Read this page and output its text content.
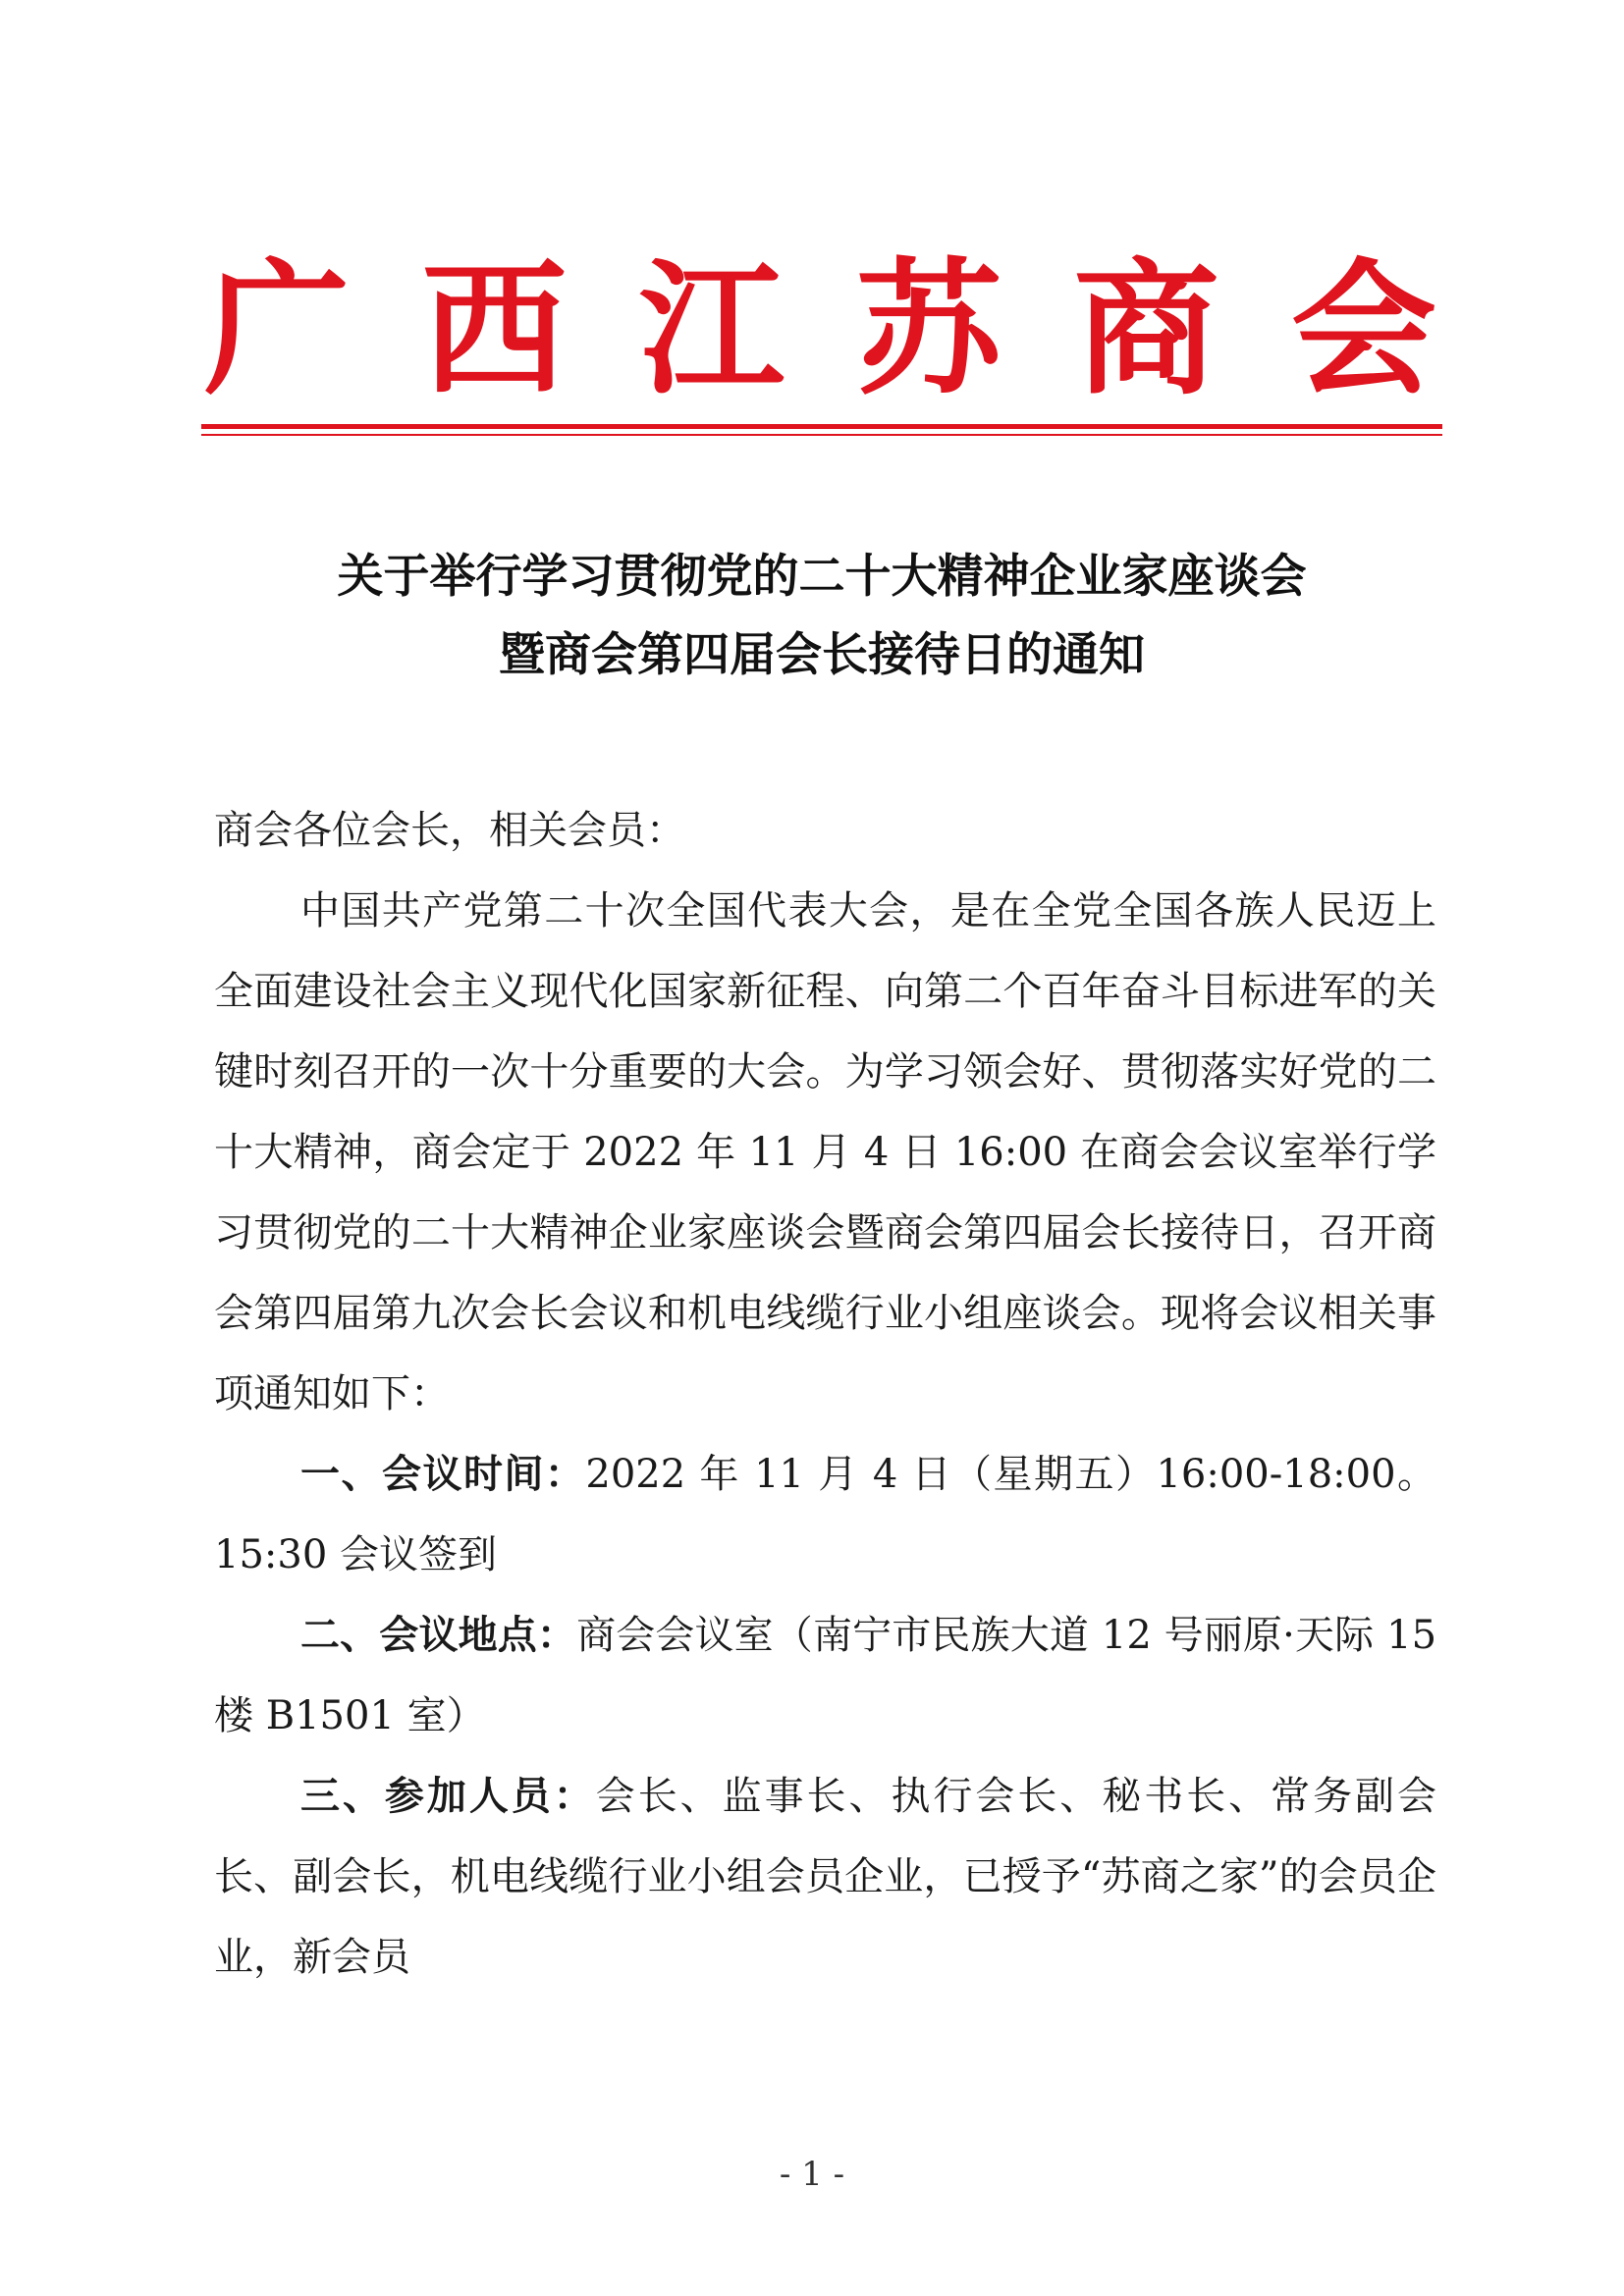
广 西 江 苏 商 会
关于举行学习贯彻党的二十大精神企业家座谈会
暨商会第四届会长接待日的通知

商会各位会长，相关会员：

中国共产党第二十次全国代表大会，是在全党全国各族人民迈上全面建设社会主义现代化国家新征程、向第二个百年奋斗目标进军的关键时刻召开的一次十分重要的大会。为学习领会好、贯彻落实好党的二十大精神，商会定于 2022 年 11 月 4 日 16:00 在商会会议室举行学习贯彻党的二十大精神企业家座谈会暨商会第四届会长接待日，召开商会第四届第九次会长会议和机电线缆行业小组座谈会。现将会议相关事项通知如下：

一、会议时间：2022 年 11 月 4 日（星期五）16:00-18:00。15:30 会议签到

二、会议地点：商会会议室（南宁市民族大道 12 号丽原·天际 15 楼 B1501 室）

三、参加人员：会长、监事长、执行会长、秘书长、常务副会长、副会长，机电线缆行业小组会员企业，已授予“苏商之家”的会员企业，新会员

- 1 -
